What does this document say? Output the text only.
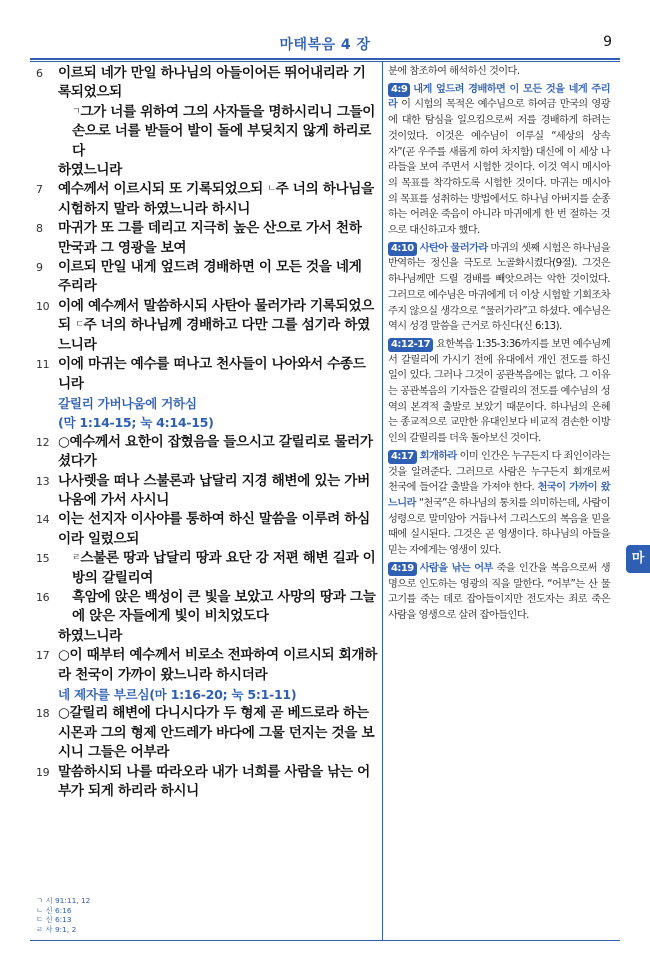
마태복음 4 장	9
6 이르되 네가 만일 하나님의 아들이어든 뛰어내리라 기록되었으되
$^ㄱ$그가 너를 위하여 그의 사자들을 명하시리니 그들이 손으로 너를 받들어 발이 돌에 부딪치지 않게 하리로다
하였느니라
7 예수께서 이르시되 또 기록되었으되 $^ㄴ$주 너의 하나님을 시험하지 말라 하였느니라 하시니
8 마귀가 또 그를 데리고 지극히 높은 산으로 가서 천하 만국과 그 영광을 보여
9 이르되 만일 내게 엎드려 경배하면 이 모든 것을 네게 주리라
10 이에 예수께서 말씀하시되 사탄아 물러가라 기록되었으되 $^ㄷ$주 너의 하나님께 경배하고 다만 그를 섬기라 하였느니라
11 이에 마귀는 예수를 떠나고 천사들이 나아와서 수종드니라
갈릴리 가버나움에 거하심
(막 1:14-15; 눅 4:14-15)
12 ○예수께서 요한이 잡혔음을 들으시고 갈릴리로 물러가셨다가
13 나사렛을 떠나 스불론과 납달리 지경 해변에 있는 가버나움에 가서 사시니
14 이는 선지자 이사야를 통하여 하신 말씀을 이루려 하심이라 일렀으되
15	$^ㄹ$스불론 땅과 납달리 땅과 요단 강 저편 해변 길과 이방의 갈릴리여
16 흑암에 앉은 백성이 큰 빛을 보았고 사망의 땅과 그늘에 앉은 자들에게 빛이 비치었도다
하였느니라
17 ○이 때부터 예수께서 비로소 전파하여 이르시되 회개하라 천국이 가까이 왔느니라 하시더라
네 제자를 부르심(마 1:16-20; 눅 5:1-11)
18 ○갈릴리 해변에 다니시다가 두 형제 곧 베드로라 하는 시몬과 그의 형제 안드레가 바다에 그물 던지는 것을 보시니 그들은 어부라
19 말씀하시되 나를 따라오라 내가 너희를 사람을 낚는 어부가 되게 하리라 하시니
ㄱ 시 91:11, 12
ㄴ 신 6:16
ㄷ 신 6:13
ㄹ 사 9:1, 2
분에 참조하여 해석하신 것이다.
4:9 내게 엎드려 경배하면 이 모든 것을 네게 주리라 이 시험의 목적은 예수님으로 하여금 만국의 영광에 대한 탐심을 일으킴으로써 저를 경배하게 하려는 것이었다. 이것은 예수님이 이루실 “세상의 상속자”(곧 우주를 새롭게 하여 차지함) 대신에 이 세상 나라들을 보여 주면서 시험한 것이다. 이것 역시 메시아의 목표를 착각하도록 시험한 것이다. 마귀는 메시아의 목표를 성취하는 방법에서도 하나님 아버지를 순종하는 어려운 죽음이 아니라 마귀에게 한 번 절하는 것으로 대신하고자 했다.
4:10 사탄아 물러가라 마귀의 셋째 시험은 하나님을 반역하는 정신을 극도로 노골화시켰다(9절). 그것은 하나님께만 드릴 경배를 빼앗으려는 악한 것이었다. 그러므로 예수님은 마귀에게 더 이상 시험할 기회조차 주지 않으실 생각으로 “물러가라”고 하셨다. 예수님은 역시 성경 말씀을 근거로 하신다(신 6:13).
4:12-17 요한복음 1:35-3:36까지를 보면 예수님께서 갈릴리에 가시기 전에 유대에서 개인 전도를 하신 일이 있다. 그러나 그것이 공관복음에는 없다. 그 이유는 공관복음의 기자들은 갈릴리의 전도를 예수님의 성역의 본격적 출발로 보았기 때문이다. 하나님의 은혜는 종교적으로 교만한 유대인보다 비교적 겸손한 이방인의 갈릴리를 더욱 돌아보신 것이다.
4:17 회개하라 이미 인간은 누구든지 다 죄인이라는 것을 알려준다. 그러므로 사람은 누구든지 회개로써 천국에 들어갈 출발을 가져야 한다. 천국이 가까이 왔느니라 “천국”은 하나님의 통치를 의미하는데, 사람이 성령으로 말미암아 거듭나서 그리스도의 복음을 믿을 때에 실시된다. 그것은 곧 영생이다. 하나님의 아들을 믿는 자에게는 영생이 있다.
4:19 사람을 낚는 어부 죽을 인간을 복음으로써 생명으로 인도하는 영광의 직을 말한다. “어부”는 산 물고기를 죽는 데로 잡아들이지만 전도자는 죄로 죽은 사람을 영생으로 살려 잡아들인다.
마
